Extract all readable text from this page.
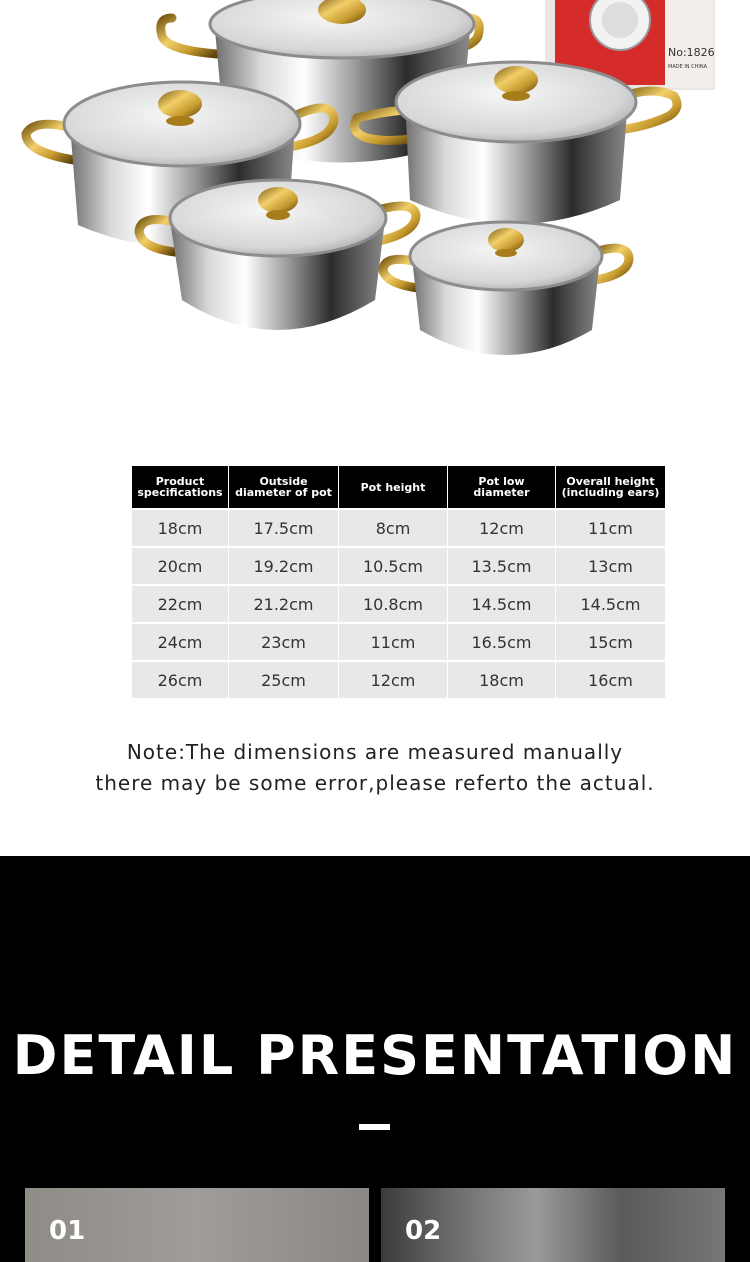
No:1826
MADE IN CHINA
Product specifications	Outside diameter of pot	Pot height	Pot low diameter	Overall height (including ears)
18cm	17.5cm	8cm	12cm	11cm
20cm	19.2cm	10.5cm	13.5cm	13cm
22cm	21.2cm	10.8cm	14.5cm	14.5cm
24cm	23cm	11cm	16.5cm	15cm
26cm	25cm	12cm	18cm	16cm
Note:The dimensions are measured manually
there may be some error,please referto the actual.
DETAIL PRESENTATION
01	02
